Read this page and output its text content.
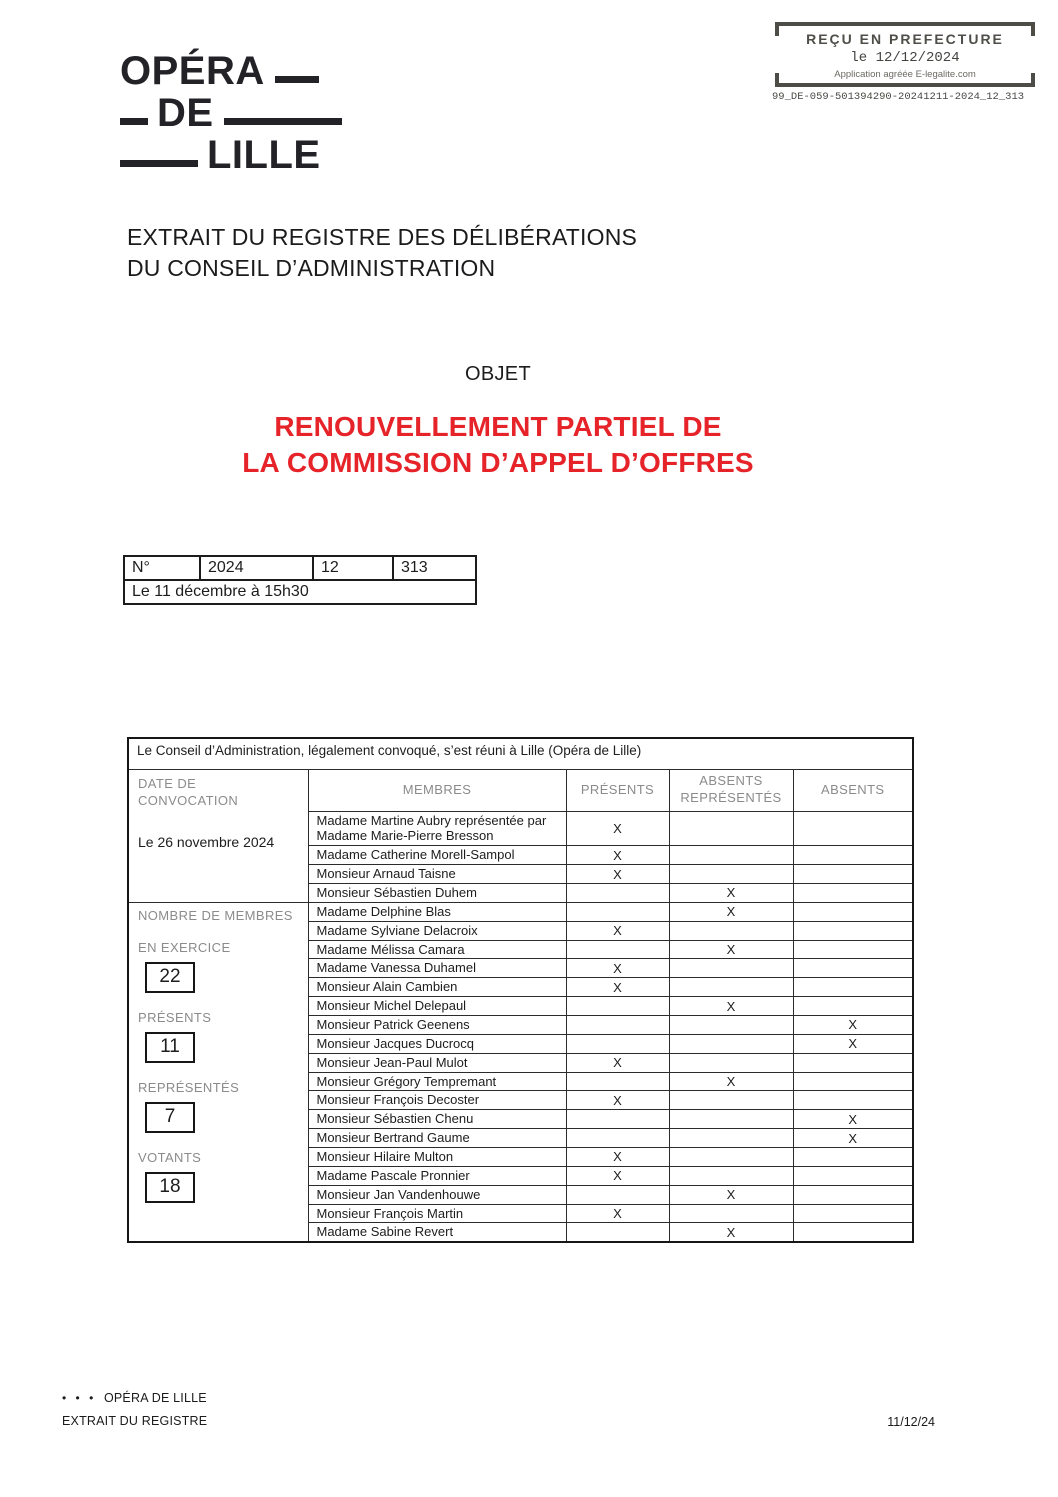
OPÉRA
DE
LILLE
REÇU EN PREFECTURE
le 12/12/2024
Application agréée E-legalite.com
99_DE-059-501394290-20241211-2024_12_313
EXTRAIT DU REGISTRE DES DÉLIBÉRATIONS
DU CONSEIL D’ADMINISTRATION
OBJET
RENOUVELLEMENT PARTIEL DE
LA COMMISSION D’APPEL D’OFFRES
N°	2024	12	313
Le 11 décembre à 15h30
Le Conseil d’Administration, légalement convoqué, s’est réuni à Lille (Opéra de Lille)				

DATE DE CONVOCATION
Le 26 novembre 2024	MEMBRES	PRÉSENTS	ABSENTS REPRÉSENTÉS	ABSENTS
	Madame Martine Aubry représentée par Madame Marie-Pierre Bresson	X		
	Madame Catherine Morell-Sampol	X		
	Monsieur Arnaud Taisne	X		
	Monsieur Sébastien Duhem		X	

NOMBRE DE MEMBRES
EN EXERCICE
22
PRÉSENTS
11
REPRÉSENTÉS
7
VOTANTS
18
	Madame Delphine Blas		X	
	Madame Sylviane Delacroix	X		
	Madame Mélissa Camara		X	
	Madame Vanessa Duhamel	X		
	Monsieur Alain Cambien	X		
	Monsieur Michel Delepaul		X	
	Monsieur Patrick Geenens			X
	Monsieur Jacques Ducrocq			X
	Monsieur Jean-Paul Mulot	X		
	Monsieur Grégory Tempremant		X	
	Monsieur François Decoster	X		
	Monsieur Sébastien Chenu			X
	Monsieur Bertrand Gaume			X
	Monsieur Hilaire Multon	X		
	Madame Pascale Pronnier	X		
	Monsieur Jan Vandenhouwe		X	
	Monsieur François Martin	X		
	Madame Sabine Revert		X	
• • • OPÉRA DE LILLE
EXTRAIT DU REGISTRE	11/12/24
